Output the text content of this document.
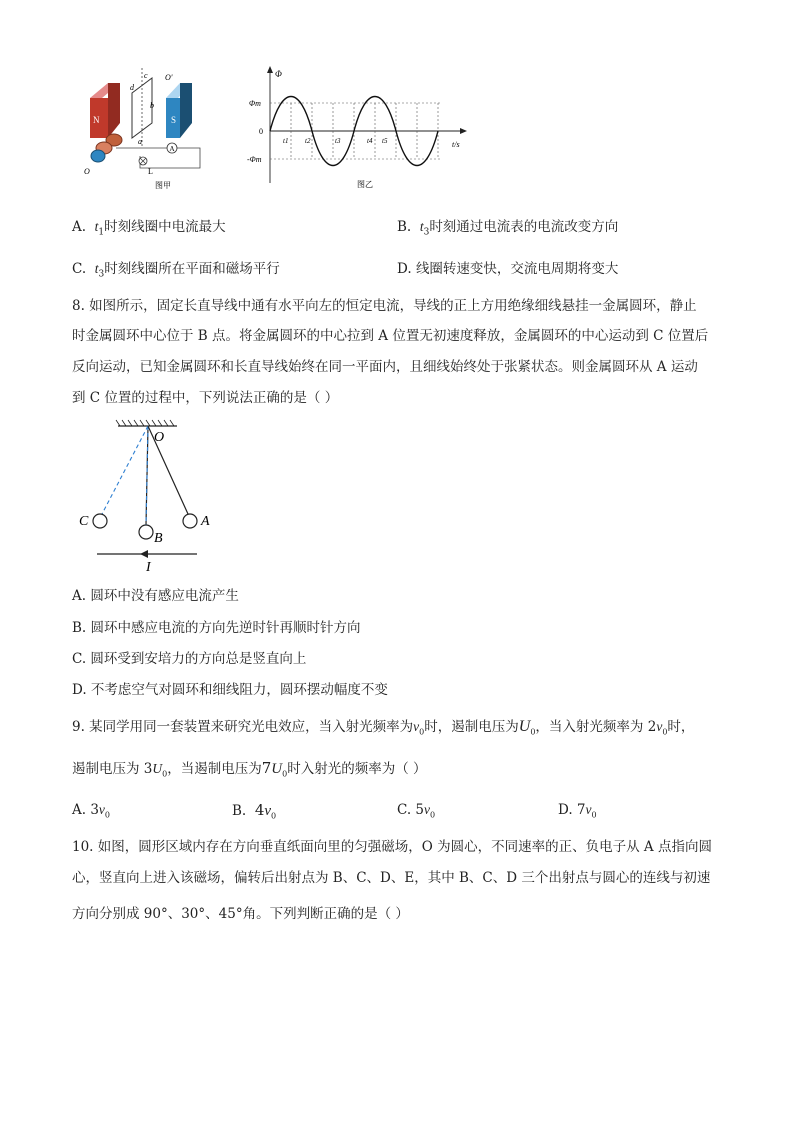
N	S
c
d
b
a
O'
O
A
L
图甲
Φ
Φm
-Φm
0
t/s
t1 t2	t3	t4 t5
图乙
A. $t_1$时刻线圈中电流最大	B. $t_3$时刻通过电流表的电流改变方向
C. $t_3$时刻线圈所在平面和磁场平行	D. 线圈转速变快，交流电周期将变大
8. 如图所示，固定长直导线中通有水平向左的恒定电流，导线的正上方用绝缘细线悬挂一金属圆环，静止
时金属圆环中心位于 B 点。将金属圆环的中心拉到 A 位置无初速度释放，金属圆环的中心运动到 C 位置后
反向运动，已知金属圆环和长直导线始终在同一平面内，且细线始终处于张紧状态。则金属圆环从 A 运动
到 C 位置的过程中，下列说法正确的是（ ）
O
C
B
A
I
A. 圆环中没有感应电流产生
B. 圆环中感应电流的方向先逆时针再顺时针方向
C. 圆环受到安培力的方向总是竖直向上
D. 不考虑空气对圆环和细线阻力，圆环摆动幅度不变
9. 某同学用同一套装置来研究光电效应，当入射光频率为$\nu_0$时，遏制电压为$U_0$，当入射光频率为 $2\nu_0$时，
遏制电压为 $3U_0$，当遏制电压为$7U_0$时入射光的频率为（ ）
A. $3\nu_0$	B. $4\nu_0$	C. $5\nu_0$	D. $7\nu_0$
10. 如图，圆形区域内存在方向垂直纸面向里的匀强磁场，O 为圆心，不同速率的正、负电子从 A 点指向圆
心，竖直向上进入该磁场，偏转后出射点为 B、C、D、E，其中 B、C、D 三个出射点与圆心的连线与初速
方向分别成 90°、30°、45°角。下列判断正确的是（ ）
